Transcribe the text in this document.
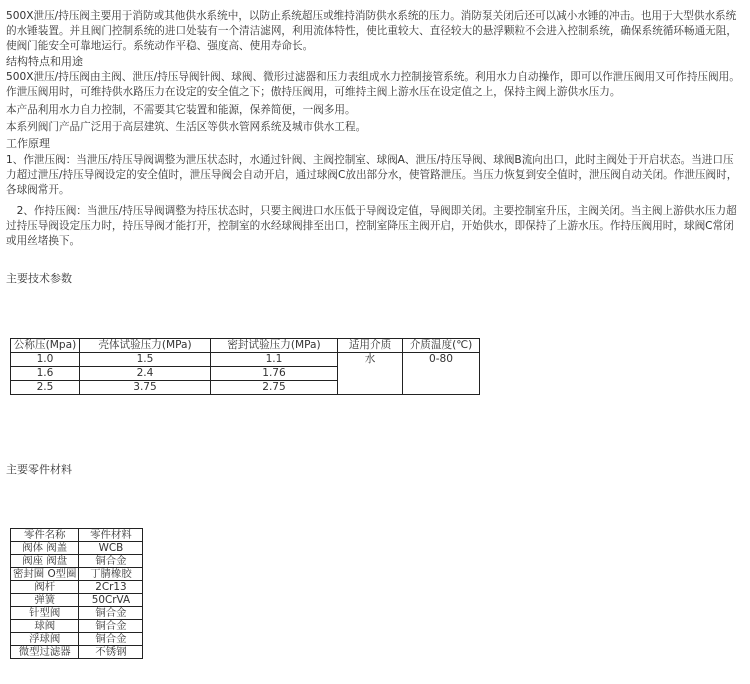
500X泄压/持压阀主要用于消防或其他供水系统中，以防止系统超压或维持消防供水系统的压力。消防泵关闭后还可以减小水锤的冲击。也用于大型供水系统的水锤装置。并且阀门控制系统的进口处装有一个清洁滤网，利用流体特性，使比重较大、直径较大的悬浮颗粒不会进入控制系统，确保系统循环畅通无阻，使阀门能安全可靠地运行。系统动作平稳、强度高、使用寿命长。

结构特点和用途

500X泄压/持压阀由主阀、泄压/持压导阀针阀、球阀、微形过滤器和压力表组成水力控制接管系统。利用水力自动操作，即可以作泄压阀用又可作持压阀用。作泄压阀用时，可维持供水路压力在设定的安全值之下；傲持压阀用，可维持主阀上游水压在设定值之上，保持主阀上游供水压力。

本产品利用水力自力控制，不需要其它装置和能源，保养简便，一阀多用。

本系列阀门产品广泛用于高层建筑、生活区等供水管网系统及城市供水工程。

工作原理

1、作泄压阀：当泄压/持压导阀调整为泄压状态时，水通过针阀、主阀控制室、球阀A、泄压/持压导阀、球阀B流向出口，此时主阀处于开启状态。当进口压力超过泄压/持压导阀设定的安全值时，泄压导阀会自动开启，通过球阀C放出部分水，使管路泄压。当压力恢复到安全值时，泄压阀自动关闭。作泄压阀时，各球阀常开。

　2、作持压阀：当泄压/持压导阀调整为持压状态时，只要主阀进口水压低于导阀设定值，导阀即关闭。主要控制室升压，主阀关闭。当主阀上游供水压力超过持压导阀设定压力时，持压导阀才能打开，控制室的水经球阀排至出口，控制室降压主阀开启，开始供水，即保持了上游水压。作持压阀用时，球阀C常闭或用丝堵换下。

主要技术参数

公称压(Mpa)	壳体试验压力(MPa)	密封试验压力(MPa)	适用介质	介质温度(℃)
1.0	1.5	1.1	水	0-80
1.6	2.4	1.76		
2.5	3.75	2.75		

主要零件材料

零件名称	零件材料
阀体 阀盖	WCB
阀座 阀盘	铜合金
密封圈 O型圈	丁腈橡胶
阀杆	2Cr13
弹簧	50CrVA
针型阀	铜合金
球阀	铜合金
浮球阀	铜合金
微型过滤器	不锈钢
